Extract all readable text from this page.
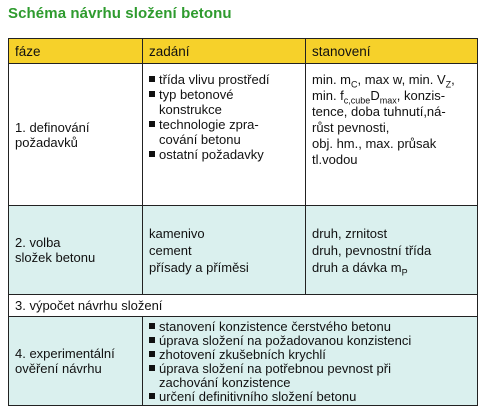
Schéma návrhu složení betonu
fáze	zadání	stanovení
1. definování
požadavků
třída vlivu prostředí
typ betonové
konstrukce
technologie zpra-
cování betonu
ostatní požadavky
min. $m_C$, max w, min. $V_Z$,
min. $f_{c,cube}D_{max}$, konzis-
tence, doba tuhnutí,ná-
růst pevnosti,
obj. hm., max. průsak
tl.vodou
2. volba
složek betonu
kamenivo
cement
přísady a příměsi
druh, zrnitost
druh, pevnostní třída
druh a dávka $m_P$
3. výpočet návrhu složení
4. experimentální
ověření návrhu
stanovení konzistence čerstvého betonu
úprava složení na požadovanou konzistenci
zhotovení zkušebních krychlí
úprava složení na potřebnou pevnost při
zachování konzistence
určení definitivního složení betonu
